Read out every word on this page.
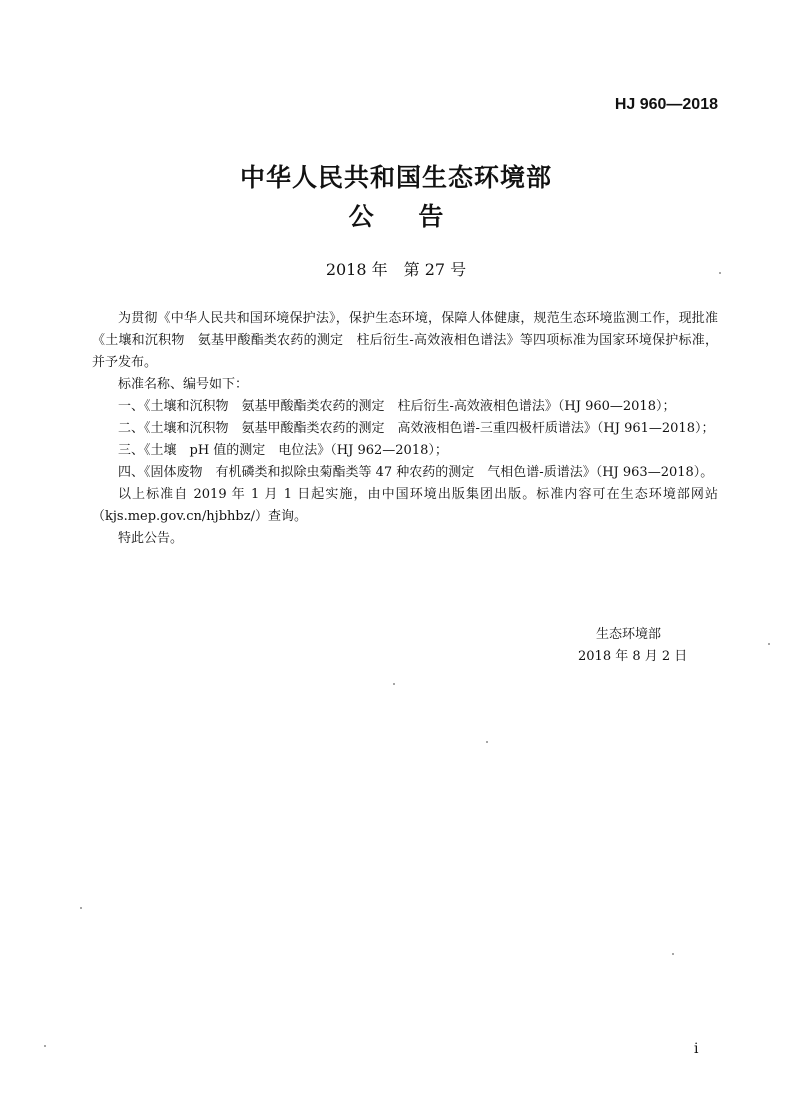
HJ 960—2018
中华人民共和国生态环境部
公 告
2018 年 第 27 号

为贯彻《中华人民共和国环境保护法》，保护生态环境，保障人体健康，规范生态环境监测工作，现批准《土壤和沉积物　氨基甲酸酯类农药的测定　柱后衍生-高效液相色谱法》等四项标准为国家环境保护标准，并予发布。

标准名称、编号如下：

一、《土壤和沉积物　氨基甲酸酯类农药的测定　柱后衍生-高效液相色谱法》（HJ 960—2018）；

二、《土壤和沉积物　氨基甲酸酯类农药的测定　高效液相色谱-三重四极杆质谱法》（HJ 961—2018）；

三、《土壤　pH 值的测定　电位法》（HJ 962—2018）；

四、《固体废物　有机磷类和拟除虫菊酯类等 47 种农药的测定　气相色谱-质谱法》（HJ 963—2018）。

以上标准自 2019 年 1 月 1 日起实施，由中国环境出版集团出版。标准内容可在生态环境部网站（kjs.mep.gov.cn/hjbhbz/）查询。

特此公告。

生态环境部
2018 年 8 月 2 日
i
